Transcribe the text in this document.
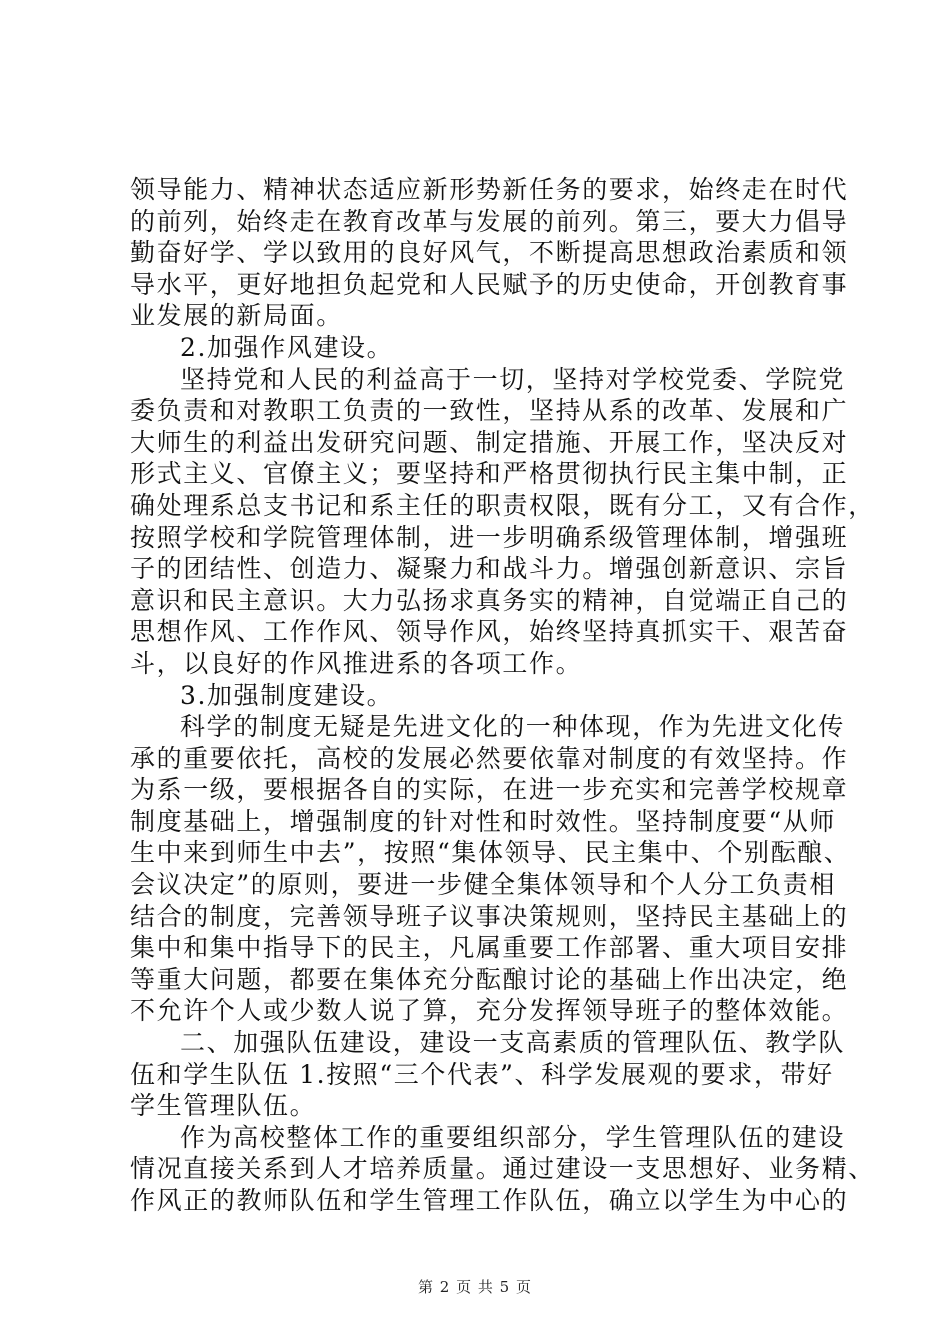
领导能力、精神状态适应新形势新任务的要求，始终走在时代
的前列，始终走在教育改革与发展的前列。第三，要大力倡导
勤奋好学、学以致用的良好风气，不断提高思想政治素质和领
导水平，更好地担负起党和人民赋予的历史使命，开创教育事
业发展的新局面。
2.加强作风建设。
坚持党和人民的利益高于一切，坚持对学校党委、学院党
委负责和对教职工负责的一致性，坚持从系的改革、发展和广
大师生的利益出发研究问题、制定措施、开展工作，坚决反对
形式主义、官僚主义；要坚持和严格贯彻执行民主集中制，正
确处理系总支书记和系主任的职责权限，既有分工，又有合作，
按照学校和学院管理体制，进一步明确系级管理体制，增强班
子的团结性、创造力、凝聚力和战斗力。增强创新意识、宗旨
意识和民主意识。大力弘扬求真务实的精神，自觉端正自己的
思想作风、工作作风、领导作风，始终坚持真抓实干、艰苦奋
斗，以良好的作风推进系的各项工作。
3.加强制度建设。
科学的制度无疑是先进文化的一种体现，作为先进文化传
承的重要依托，高校的发展必然要依靠对制度的有效坚持。作
为系一级，要根据各自的实际，在进一步充实和完善学校规章
制度基础上，增强制度的针对性和时效性。坚持制度要“从师
生中来到师生中去”，按照“集体领导、民主集中、个别酝酿、
会议决定”的原则，要进一步健全集体领导和个人分工负责相
结合的制度，完善领导班子议事决策规则，坚持民主基础上的
集中和集中指导下的民主，凡属重要工作部署、重大项目安排
等重大问题，都要在集体充分酝酿讨论的基础上作出决定，绝
不允许个人或少数人说了算，充分发挥领导班子的整体效能。
二、加强队伍建设，建设一支高素质的管理队伍、教学队
伍和学生队伍 1.按照“三个代表”、科学发展观的要求，带好
学生管理队伍。
作为高校整体工作的重要组织部分，学生管理队伍的建设
情况直接关系到人才培养质量。通过建设一支思想好、业务精、
作风正的教师队伍和学生管理工作队伍，确立以学生为中心的
第 2 页 共 5 页
